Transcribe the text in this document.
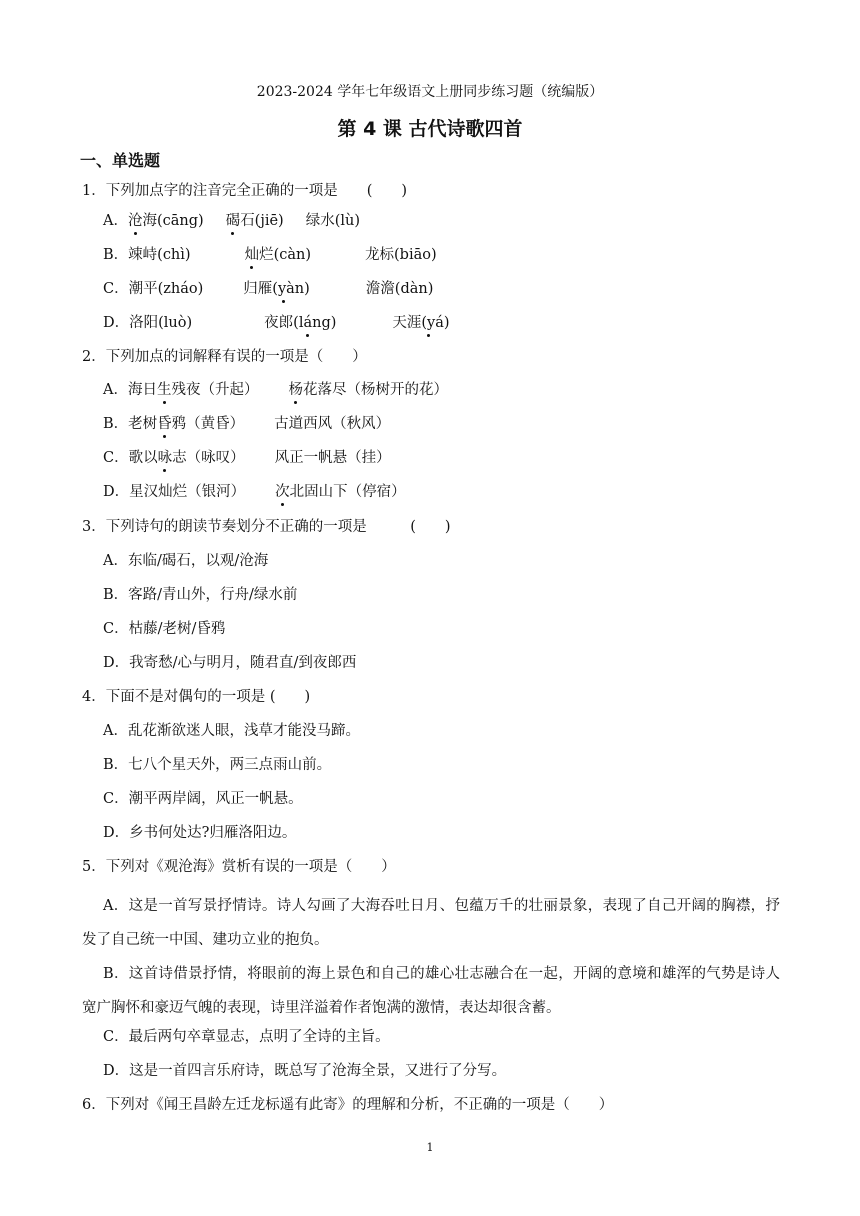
2023-2024 学年七年级语文上册同步练习题（统编版）
第 4 课 古代诗歌四首
一、单选题
1．下列加点字的注音完全正确的一项是　　(　　)
A．沧海(cāng) 碣石(jiē) 绿水(lù)
B．竦峙(chì)	灿烂(càn)	龙标(biāo)
C．潮平(zháo)	归雁(yàn)	澹澹(dàn)
D．洛阳(luò)	夜郎(láng)	天涯(yá)
2．下列加点的词解释有误的一项是（　　）
A．海日生残夜（升起） 杨花落尽（杨树开的花）
B．老树昏鸦（黄昏） 古道西风（秋风）
C．歌以咏志（咏叹） 风正一帆悬（挂）
D．星汉灿烂（银河） 次北固山下（停宿）
3．下列诗句的朗读节奏划分不正确的一项是　　　(　　)
A．东临/碣石，以观/沧海
B．客路/青山外，行舟/绿水前
C．枯藤/老树/昏鸦
D．我寄愁/心与明月，随君直/到夜郎西
4．下面不是对偶句的一项是 (　　)
A．乱花渐欲迷人眼，浅草才能没马蹄。
B．七八个星天外，两三点雨山前。
C．潮平两岸阔，风正一帆悬。
D．乡书何处达?归雁洛阳边。
5．下列对《观沧海》赏析有误的一项是（　　）
A．这是一首写景抒情诗。诗人勾画了大海吞吐日月、包蕴万千的壮丽景象，表现了自己开阔的胸襟，抒发了自己统一中国、建功立业的抱负。
B．这首诗借景抒情，将眼前的海上景色和自己的雄心壮志融合在一起，开阔的意境和雄浑的气势是诗人宽广胸怀和豪迈气魄的表现，诗里洋溢着作者饱满的激情，表达却很含蓄。
C．最后两句卒章显志，点明了全诗的主旨。
D．这是一首四言乐府诗，既总写了沧海全景，又进行了分写。
6．下列对《闻王昌龄左迁龙标遥有此寄》的理解和分析，不正确的一项是（　　）
1
